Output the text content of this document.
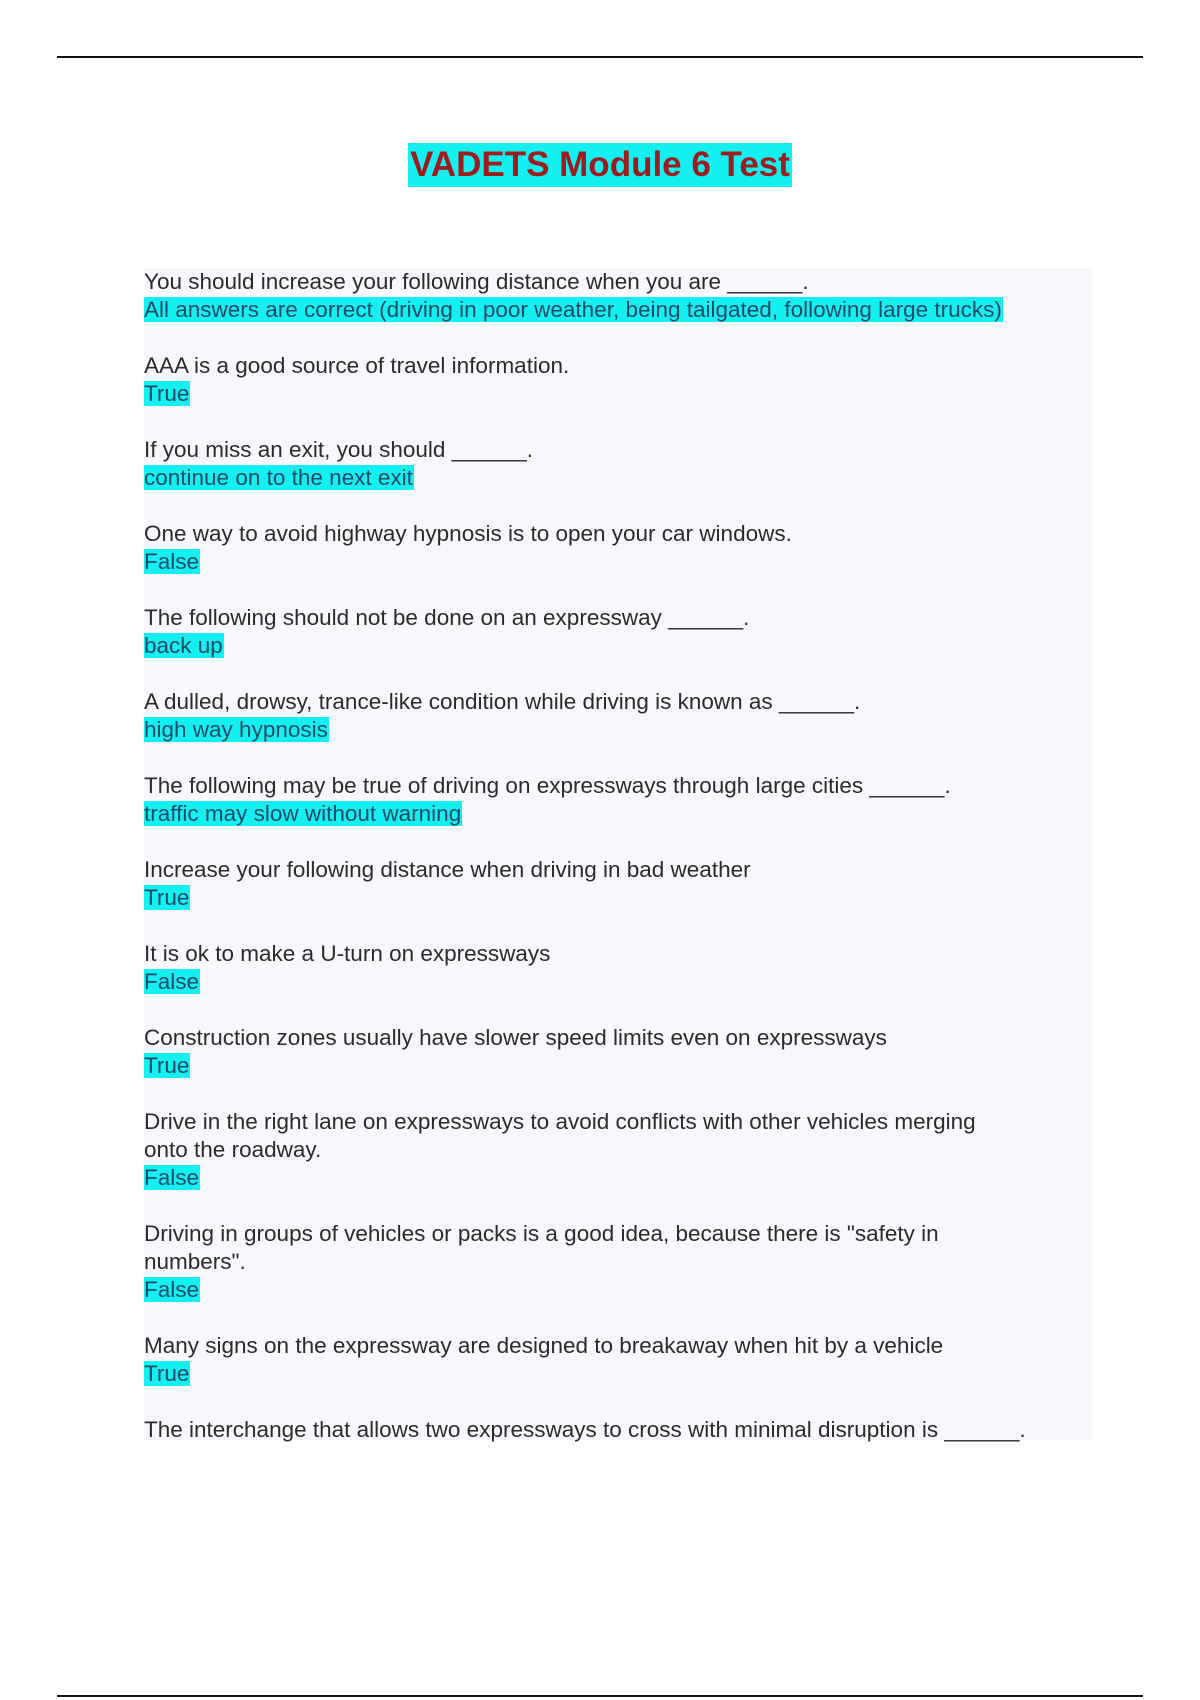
VADETS Module 6 Test

You should increase your following distance when you are ______.

All answers are correct (driving in poor weather, being tailgated, following large trucks)

AAA is a good source of travel information.

True

If you miss an exit, you should ______.

continue on to the next exit

One way to avoid highway hypnosis is to open your car windows.

False

The following should not be done on an expressway ______.

back up

A dulled, drowsy, trance-like condition while driving is known as ______.

high way hypnosis

The following may be true of driving on expressways through large cities ______.

traffic may slow without warning

Increase your following distance when driving in bad weather

True

It is ok to make a U-turn on expressways

False

Construction zones usually have slower speed limits even on expressways

True

Drive in the right lane on expressways to avoid conflicts with other vehicles merging
onto the roadway.

False

Driving in groups of vehicles or packs is a good idea, because there is "safety in
numbers".

False

Many signs on the expressway are designed to breakaway when hit by a vehicle

True

The interchange that allows two expressways to cross with minimal disruption is ______.
